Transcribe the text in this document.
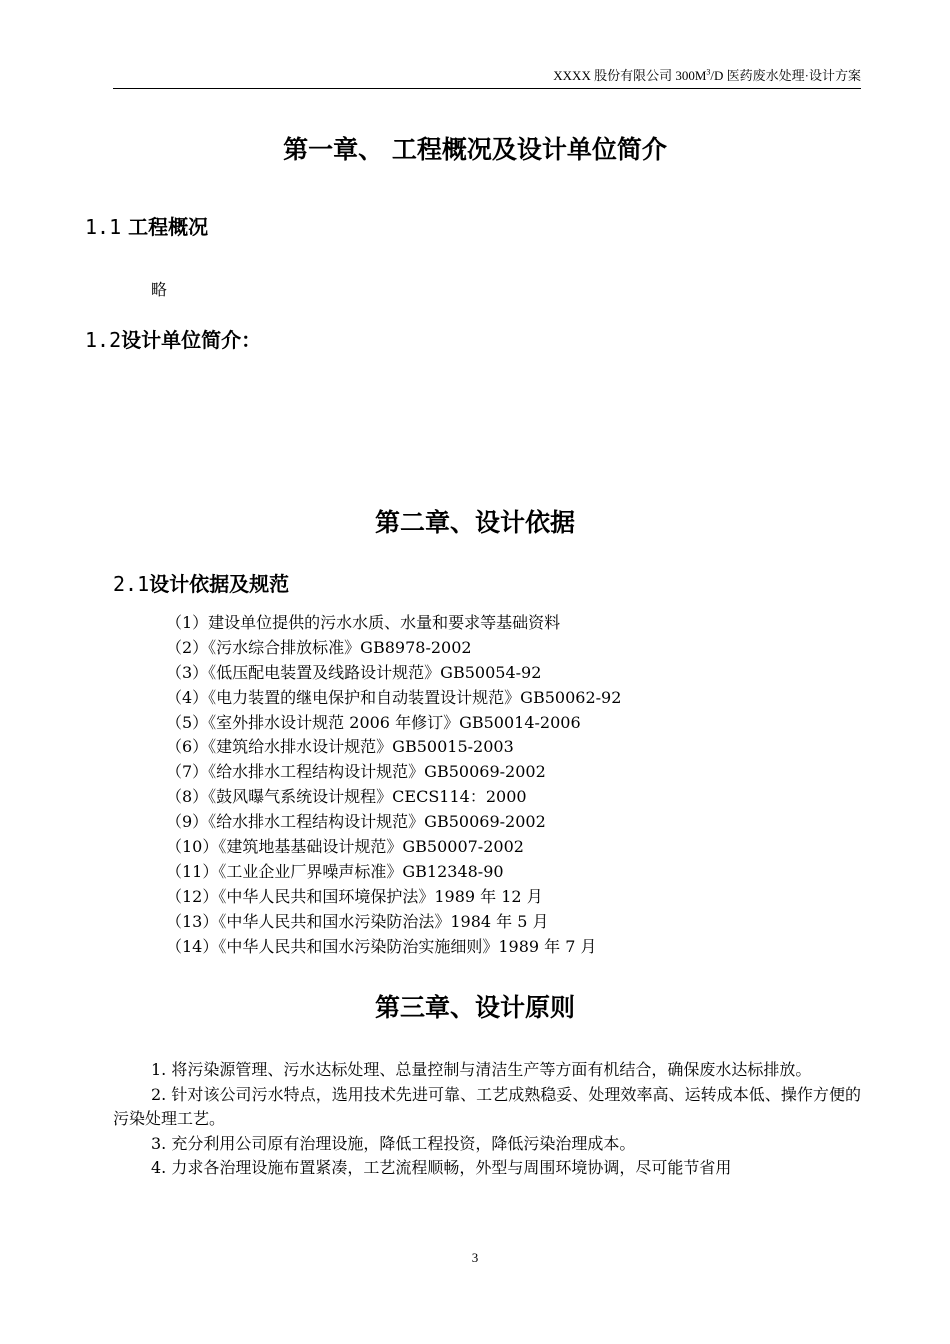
XXXX 股份有限公司 $300M^3/D$ 医药废水处理·设计方案
第一章、 工程概况及设计单位简介
1.1 工程概况
略
1.2设计单位简介：
第二章、设计依据
2.1设计依据及规范
（1）建设单位提供的污水水质、水量和要求等基础资料
（2）《污水综合排放标准》GB8978-2002
（3）《低压配电装置及线路设计规范》GB50054-92
（4）《电力装置的继电保护和自动装置设计规范》GB50062-92
（5）《室外排水设计规范 2006 年修订》GB50014-2006
（6）《建筑给水排水设计规范》GB50015-2003
（7）《给水排水工程结构设计规范》GB50069-2002
（8）《鼓风曝气系统设计规程》CECS114：2000
（9）《给水排水工程结构设计规范》GB50069-2002
（10）《建筑地基基础设计规范》GB50007-2002
（11）《工业企业厂界噪声标准》GB12348-90
（12）《中华人民共和国环境保护法》1989 年 12 月
（13）《中华人民共和国水污染防治法》1984 年 5 月
（14）《中华人民共和国水污染防治实施细则》1989 年 7 月
第三章、设计原则

1. 将污染源管理、污水达标处理、总量控制与清洁生产等方面有机结合，确保废水达标排放。

2. 针对该公司污水特点，选用技术先进可靠、工艺成熟稳妥、处理效率高、运转成本低、操作方便的污染处理工艺。

3. 充分利用公司原有治理设施，降低工程投资，降低污染治理成本。

4. 力求各治理设施布置紧凑，工艺流程顺畅，外型与周围环境协调，尽可能节省用

3
